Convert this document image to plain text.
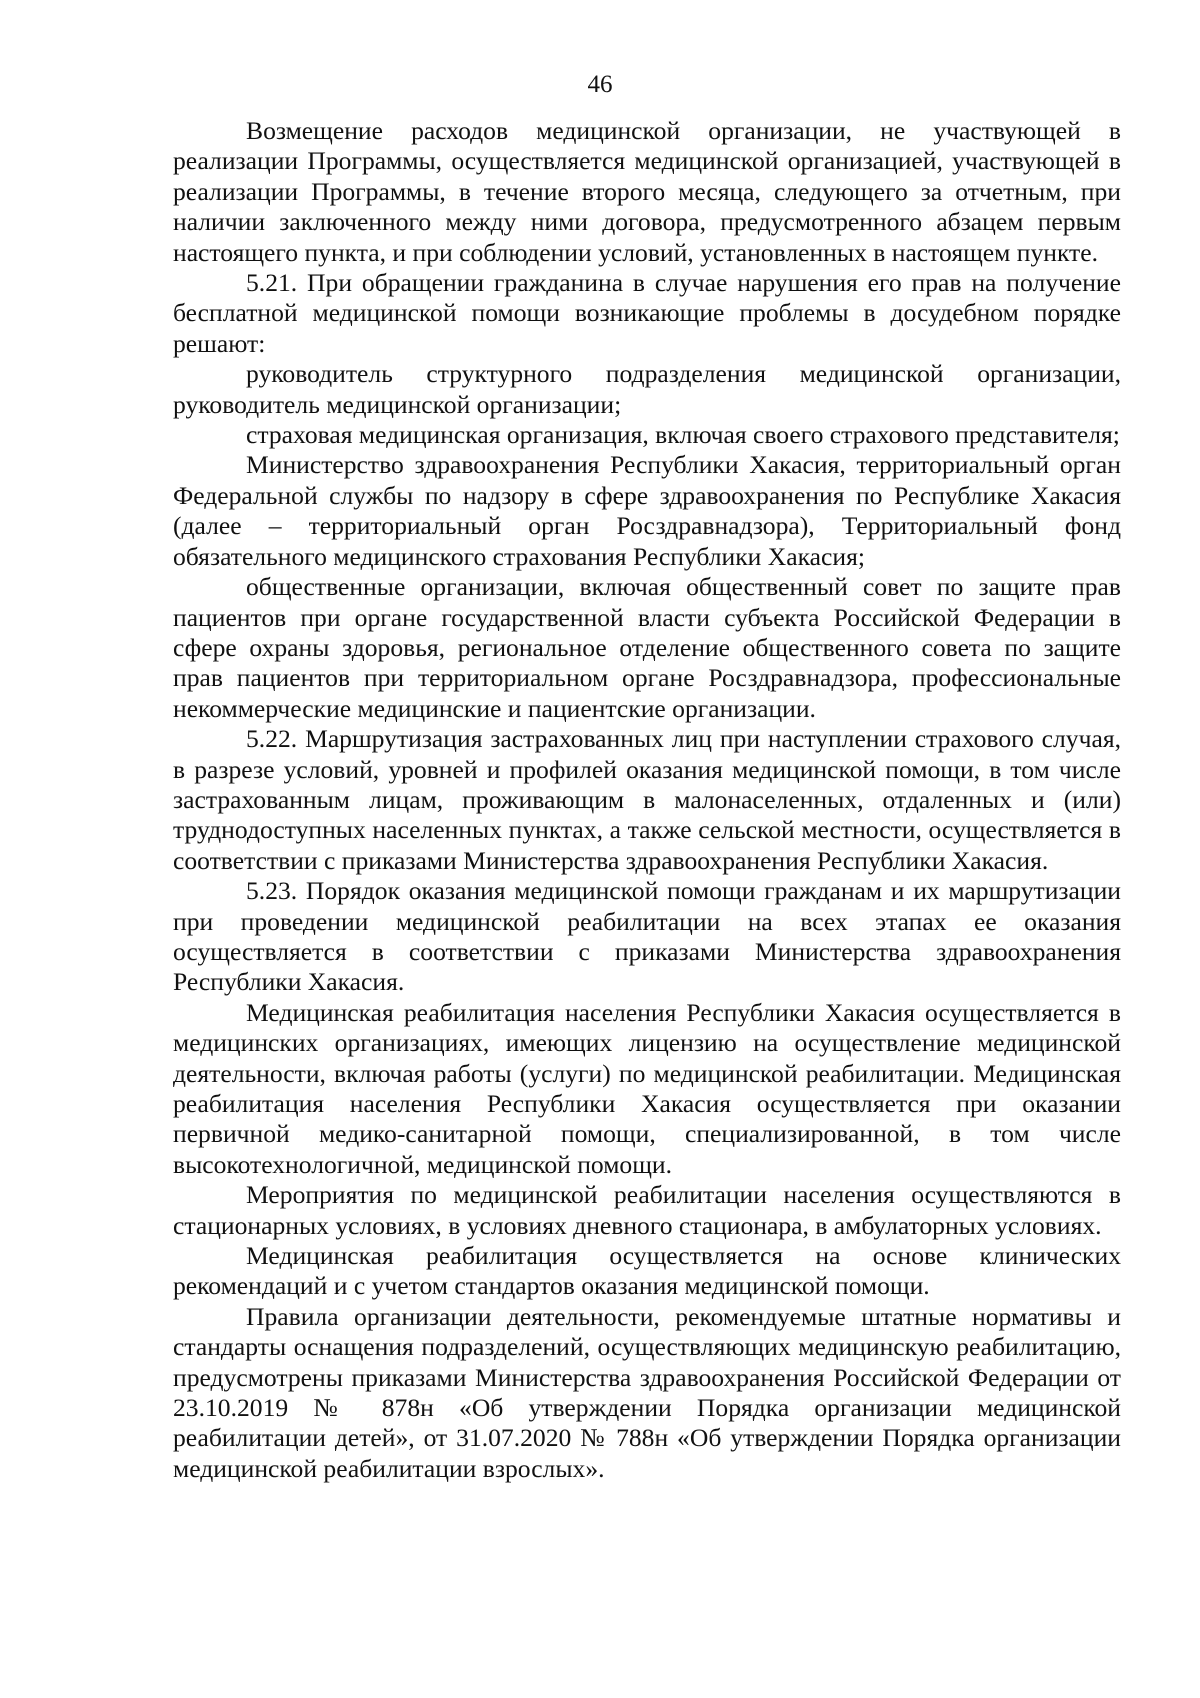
46

Возмещение расходов медицинской организации, не участвующей в реализации Программы, осуществляется медицинской организацией, участвующей в реализации Программы, в течение второго месяца, следующего за отчетным, при наличии заключенного между ними договора, предусмотренного абзацем первым настоящего пункта, и при соблюдении условий, установленных в настоящем пункте.

5.21. При обращении гражданина в случае нарушения его прав на получение бесплатной медицинской помощи возникающие проблемы в досудебном порядке решают:

руководитель структурного подразделения медицинской организации, руководитель медицинской организации;

страховая медицинская организация, включая своего страхового представителя;

Министерство здравоохранения Республики Хакасия, территориальный орган Федеральной службы по надзору в сфере здравоохранения по Республике Хакасия (далее – территориальный орган Росздравнадзора), Территориальный фонд обязательного медицинского страхования Республики Хакасия;

общественные организации, включая общественный совет по защите прав пациентов при органе государственной власти субъекта Российской Федерации в сфере охраны здоровья, региональное отделение общественного совета по защите прав пациентов при территориальном органе Росздравнадзора, профессиональные некоммерческие медицинские и пациентские организации.

5.22. Маршрутизация застрахованных лиц при наступлении страхового случая, в разрезе условий, уровней и профилей оказания медицинской помощи, в том числе застрахованным лицам, проживающим в малонаселенных, отдаленных и (или) труднодоступных населенных пунктах, а также сельской местности, осуществляется в соответствии с приказами Министерства здравоохранения Республики Хакасия.

5.23. Порядок оказания медицинской помощи гражданам и их маршрутизации при проведении медицинской реабилитации на всех этапах ее оказания осуществляется в соответствии с приказами Министерства здравоохранения Республики Хакасия.

Медицинская реабилитация населения Республики Хакасия осуществляется в медицинских организациях, имеющих лицензию на осуществление медицинской деятельности, включая работы (услуги) по медицинской реабилитации. Медицинская реабилитация населения Республики Хакасия осуществляется при оказании первичной медико-санитарной помощи, специализированной, в том числе высокотехнологичной, медицинской помощи.

Мероприятия по медицинской реабилитации населения осуществляются в стационарных условиях, в условиях дневного стационара, в амбулаторных условиях.

Медицинская реабилитация осуществляется на основе клинических рекомендаций и с учетом стандартов оказания медицинской помощи.

Правила организации деятельности, рекомендуемые штатные нормативы и стандарты оснащения подразделений, осуществляющих медицинскую реабилитацию, предусмотрены приказами Министерства здравоохранения Российской Федерации от 23.10.2019 № 878н «Об утверждении Порядка организации медицинской реабилитации детей», от 31.07.2020 № 788н «Об утверждении Порядка организации медицинской реабилитации взрослых».
